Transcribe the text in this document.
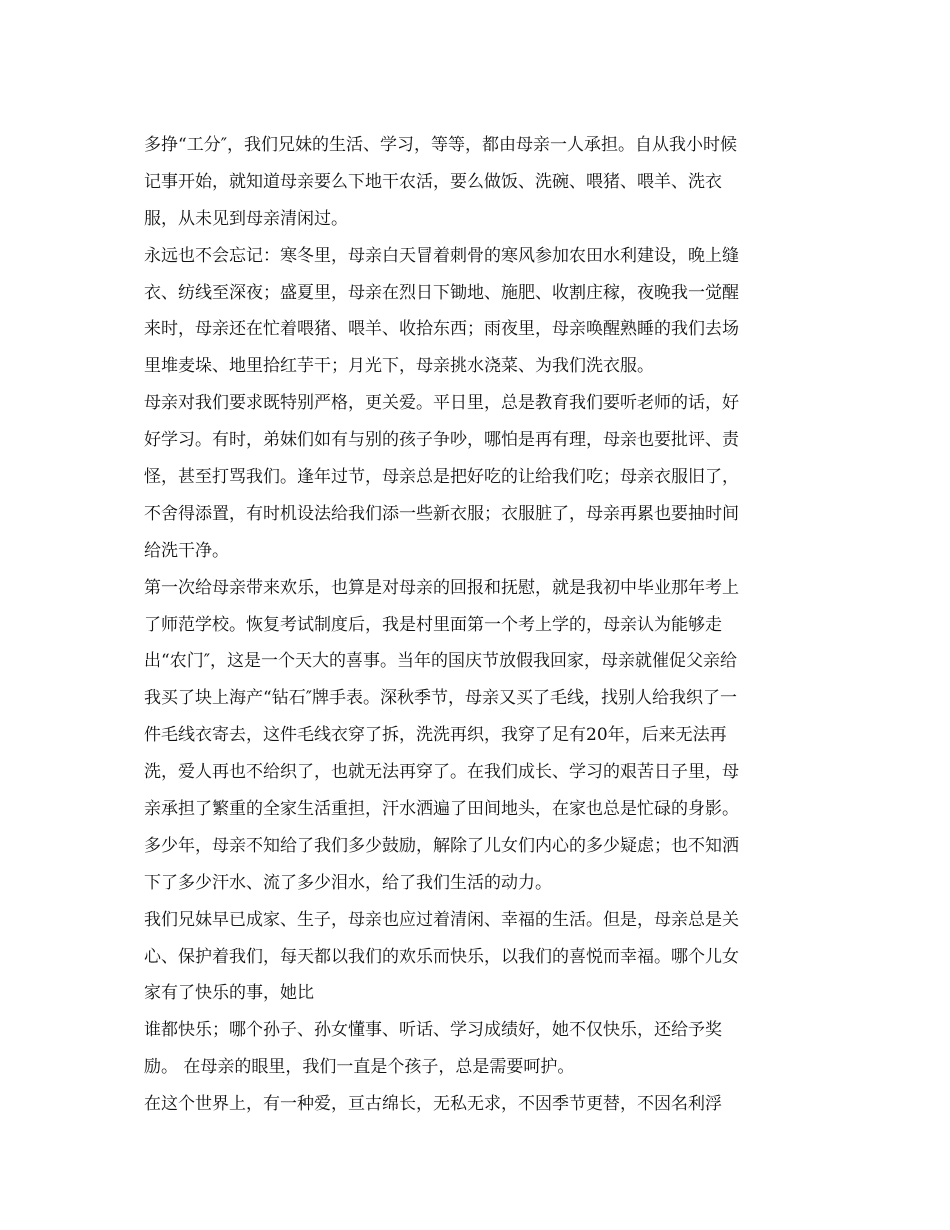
多挣“工分″，我们兄妹的生活、学习，等等，都由母亲一人承担。自从我小时候
记事开始，就知道母亲要么下地干农活，要么做饭、洗碗、喂猪、喂羊、洗衣
服，从未见到母亲清闲过。
永远也不会忘记：寒冬里，母亲白天冒着刺骨的寒风参加农田水利建设，晚上缝
衣、纺线至深夜；盛夏里，母亲在烈日下锄地、施肥、收割庄稼，夜晚我一觉醒
来时，母亲还在忙着喂猪、喂羊、收拾东西；雨夜里，母亲唤醒熟睡的我们去场
里堆麦垛、地里拾红芋干；月光下，母亲挑水浇菜、为我们洗衣服。
母亲对我们要求既特别严格，更关爱。平日里，总是教育我们要听老师的话，好
好学习。有时，弟妹们如有与别的孩子争吵，哪怕是再有理，母亲也要批评、责
怪，甚至打骂我们。逢年过节，母亲总是把好吃的让给我们吃；母亲衣服旧了，
不舍得添置，有时机设法给我们添一些新衣服；衣服脏了，母亲再累也要抽时间
给洗干净。
第一次给母亲带来欢乐，也算是对母亲的回报和抚慰，就是我初中毕业那年考上
了师范学校。恢复考试制度后，我是村里面第一个考上学的，母亲认为能够走
出“农门″，这是一个天大的喜事。当年的国庆节放假我回家，母亲就催促父亲给
我买了块上海产“钻石″牌手表。深秋季节，母亲又买了毛线，找别人给我织了一
件毛线衣寄去，这件毛线衣穿了拆，洗洗再织，我穿了足有20年，后来无法再
洗，爱人再也不给织了，也就无法再穿了。在我们成长、学习的艰苦日子里，母
亲承担了繁重的全家生活重担，汗水洒遍了田间地头，在家也总是忙碌的身影。
多少年，母亲不知给了我们多少鼓励，解除了儿女们内心的多少疑虑；也不知洒
下了多少汗水、流了多少泪水，给了我们生活的动力。
我们兄妹早已成家、生子，母亲也应过着清闲、幸福的生活。但是，母亲总是关
心、保护着我们，每天都以我们的欢乐而快乐，以我们的喜悦而幸福。哪个儿女
家有了快乐的事，她比
谁都快乐；哪个孙子、孙女懂事、听话、学习成绩好，她不仅快乐，还给予奖
励。 在母亲的眼里，我们一直是个孩子，总是需要呵护。
在这个世界上，有一种爱，亘古绵长，无私无求，不因季节更替，不因名利浮
